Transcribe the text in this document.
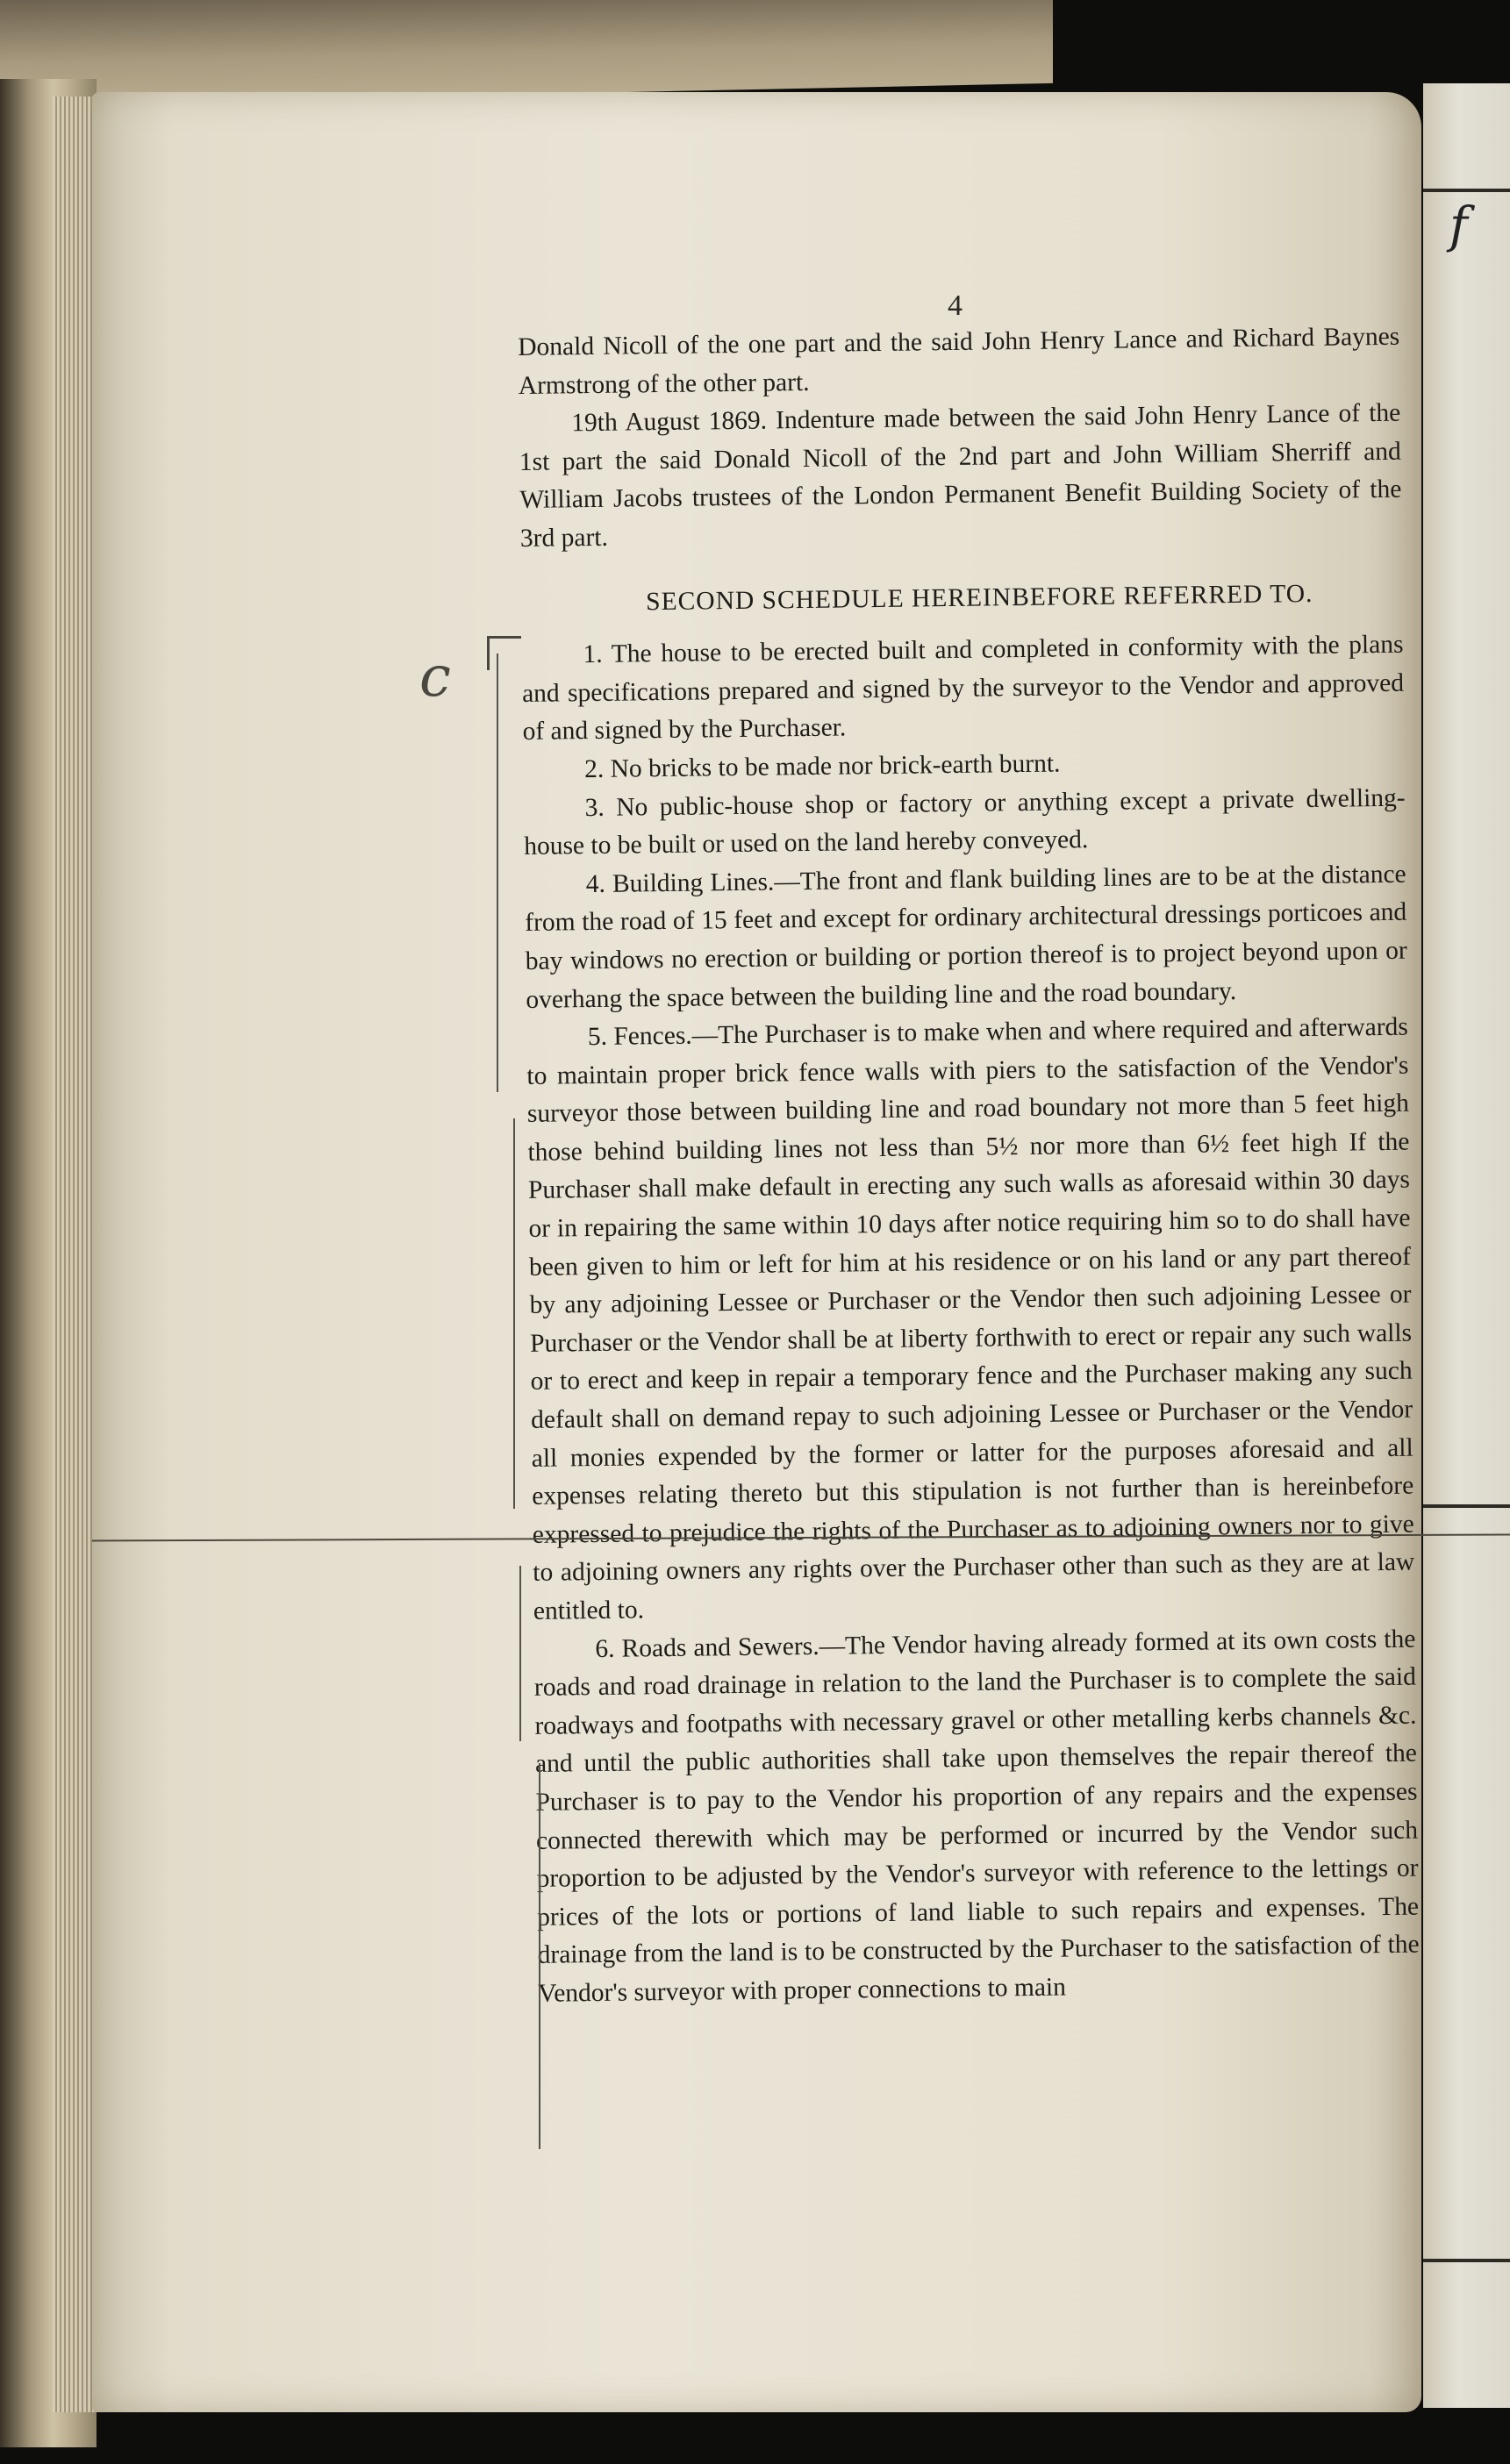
f
4

Donald Nicoll of the one part and the said John Henry Lance and Richard Baynes Armstrong of the other part.

19th August 1869. Indenture made between the said John Henry Lance of the 1st part the said Donald Nicoll of the 2nd part and John William Sherriff and William Jacobs trustees of the London Permanent Benefit Building Society of the 3rd part.

SECOND SCHEDULE HEREINBEFORE REFERRED TO.

1. The house to be erected built and completed in conformity with the plans and specifications prepared and signed by the surveyor to the Vendor and approved of and signed by the Purchaser.

2. No bricks to be made nor brick-earth burnt.

3. No public-house shop or factory or anything except a private dwelling-house to be built or used on the land hereby conveyed.

4. Building Lines.—The front and flank building lines are to be at the distance from the road of 15 feet and except for ordinary architectural dressings porticoes and bay windows no erection or building or portion thereof is to project beyond upon or overhang the space between the building line and the road boundary.

5. Fences.—The Purchaser is to make when and where required and afterwards to maintain proper brick fence walls with piers to the satisfaction of the Vendor's surveyor those between building line and road boundary not more than 5 feet high those behind building lines not less than 5½ nor more than 6½ feet high If the Purchaser shall make default in erecting any such walls as aforesaid within 30 days or in repairing the same within 10 days after notice requiring him so to do shall have been given to him or left for him at his residence or on his land or any part thereof by any adjoining Lessee or Purchaser or the Vendor then such adjoining Lessee or Purchaser or the Vendor shall be at liberty forthwith to erect or repair any such walls or to erect and keep in repair a temporary fence and the Purchaser making any such default shall on demand repay to such adjoining Lessee or Purchaser or the Vendor all monies expended by the former or latter for the purposes aforesaid and all expenses relating thereto but this stipulation is not further than is hereinbefore expressed to prejudice the rights of the Purchaser as to adjoining owners nor to give to adjoining owners any rights over the Purchaser other than such as they are at law entitled to.

6. Roads and Sewers.—The Vendor having already formed at its own costs the roads and road drainage in relation to the land the Purchaser is to complete the said roadways and footpaths with necessary gravel or other metalling kerbs channels &c. and until the public authorities shall take upon themselves the repair thereof the Purchaser is to pay to the Vendor his proportion of any repairs and the expenses connected therewith which may be performed or incurred by the Vendor such proportion to be adjusted by the Vendor's surveyor with reference to the lettings or prices of the lots or portions of land liable to such repairs and expenses. The drainage from the land is to be constructed by the Purchaser to the satisfaction of the Vendor's surveyor with proper connections to main

c
